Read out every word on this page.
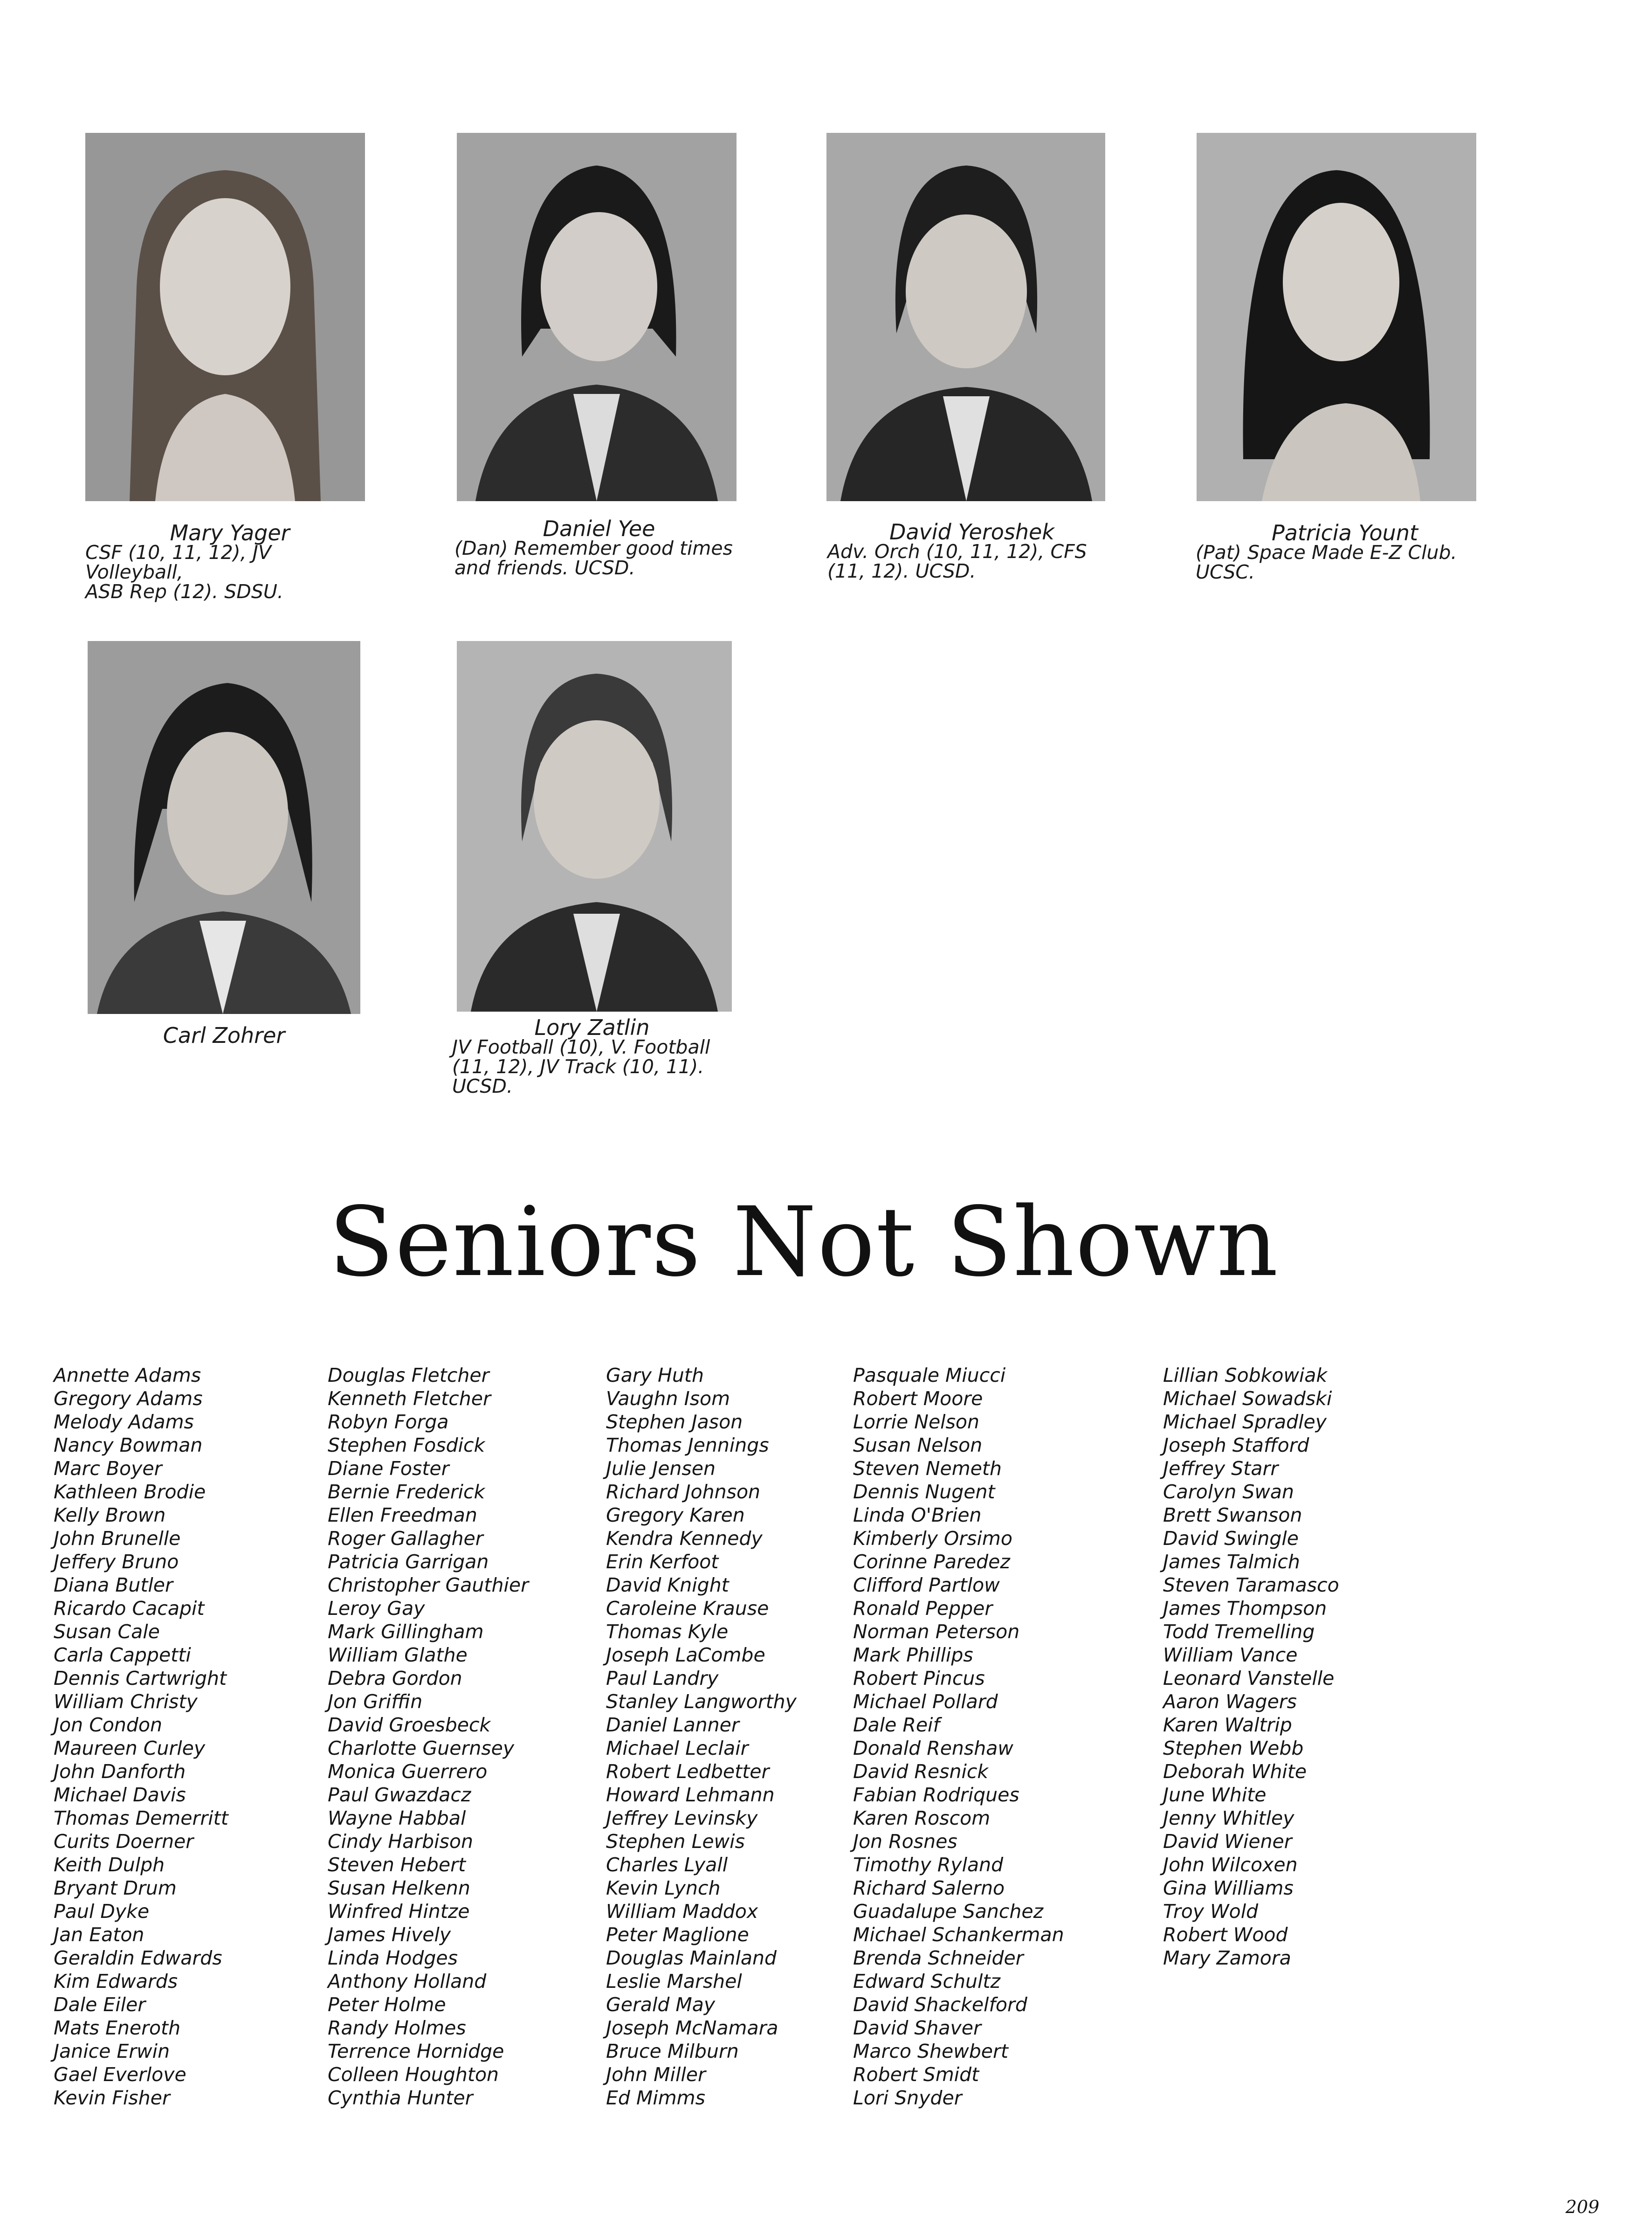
Mary Yager
CSF (10, 11, 12), JV Volleyball,
ASB Rep (12). SDSU.
Daniel Yee
(Dan) Remember good times
and friends. UCSD.
David Yeroshek
Adv. Orch (10, 11, 12), CFS
(11, 12). UCSD.
Patricia Yount
(Pat) Space Made E-Z Club.
UCSC.
Carl Zohrer	Lory Zatlin
JV Football (10), V. Football
(11, 12), JV Track (10, 11).
UCSD.
Seniors Not Shown
Annette Adams
Gregory Adams
Melody Adams
Nancy Bowman
Marc Boyer
Kathleen Brodie
Kelly Brown
John Brunelle
Jeffery Bruno
Diana Butler
Ricardo Cacapit
Susan Cale
Carla Cappetti
Dennis Cartwright
William Christy
Jon Condon
Maureen Curley
John Danforth
Michael Davis
Thomas Demerritt
Curits Doerner
Keith Dulph
Bryant Drum
Paul Dyke
Jan Eaton
Geraldin Edwards
Kim Edwards
Dale Eiler
Mats Eneroth
Janice Erwin
Gael Everlove
Kevin Fisher
Douglas Fletcher
Kenneth Fletcher
Robyn Forga
Stephen Fosdick
Diane Foster
Bernie Frederick
Ellen Freedman
Roger Gallagher
Patricia Garrigan
Christopher Gauthier
Leroy Gay
Mark Gillingham
William Glathe
Debra Gordon
Jon Griffin
David Groesbeck
Charlotte Guernsey
Monica Guerrero
Paul Gwazdacz
Wayne Habbal
Cindy Harbison
Steven Hebert
Susan Helkenn
Winfred Hintze
James Hively
Linda Hodges
Anthony Holland
Peter Holme
Randy Holmes
Terrence Hornidge
Colleen Houghton
Cynthia Hunter
Gary Huth
Vaughn Isom
Stephen Jason
Thomas Jennings
Julie Jensen
Richard Johnson
Gregory Karen
Kendra Kennedy
Erin Kerfoot
David Knight
Caroleine Krause
Thomas Kyle
Joseph LaCombe
Paul Landry
Stanley Langworthy
Daniel Lanner
Michael Leclair
Robert Ledbetter
Howard Lehmann
Jeffrey Levinsky
Stephen Lewis
Charles Lyall
Kevin Lynch
William Maddox
Peter Maglione
Douglas Mainland
Leslie Marshel
Gerald May
Joseph McNamara
Bruce Milburn
John Miller
Ed Mimms
Pasquale Miucci
Robert Moore
Lorrie Nelson
Susan Nelson
Steven Nemeth
Dennis Nugent
Linda O'Brien
Kimberly Orsimo
Corinne Paredez
Clifford Partlow
Ronald Pepper
Norman Peterson
Mark Phillips
Robert Pincus
Michael Pollard
Dale Reif
Donald Renshaw
David Resnick
Fabian Rodriques
Karen Roscom
Jon Rosnes
Timothy Ryland
Richard Salerno
Guadalupe Sanchez
Michael Schankerman
Brenda Schneider
Edward Schultz
David Shackelford
David Shaver
Marco Shewbert
Robert Smidt
Lori Snyder
Lillian Sobkowiak
Michael Sowadski
Michael Spradley
Joseph Stafford
Jeffrey Starr
Carolyn Swan
Brett Swanson
David Swingle
James Talmich
Steven Taramasco
James Thompson
Todd Tremelling
William Vance
Leonard Vanstelle
Aaron Wagers
Karen Waltrip
Stephen Webb
Deborah White
June White
Jenny Whitley
David Wiener
John Wilcoxen
Gina Williams
Troy Wold
Robert Wood
Mary Zamora
209
